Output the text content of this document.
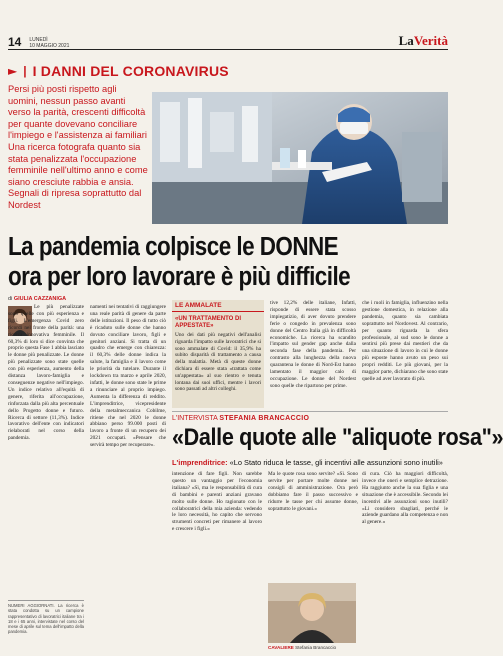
14 LUNEDÌ
10 MAGGIO 2021	LaVerità
► | I DANNI DEL CORONAVIRUS
Persi più posti rispetto agli uomini, nessun passo avanti verso la parità, crescenti difficoltà per quante dovevano conciliare l'impiego e l'assistenza ai familiari Una ricerca fotografa quanto sia stata penalizzata l'occupazione femminile nell'ultimo anno e come siano cresciute rabbia e ansia. Segnali di ripresa soprattutto dal Nordest
La pandemia colpisce le DONNE
ora per loro lavorare è più difficile
di GIULIA CAZZANIGA

Le più penalizzate sono quelle con più esperienza e figli. L'emergenza Covid zero ricordi nel fronte della parità: una ricerca innovativa femminile. Il 60,3% di loro si dice convinta che proprio questa Fase 1 abbia lasciato le donne più penalizzate. Le donne più penalizzate sono state quelle con più esperienza, aumento della distanza lavoro-famiglia e conseguenze negative nell'impiego. Un indice relativo all'equità di genere, riferita all'occupazione, rinforzata dalla più alta percentuale dello Progetto donne e futuro. Ricerca di settore (11,3%). Indice lavorativo dell'ente con indicatori rielaborati nel corso della pandemia.

NUMERI AGGIORNATI. La ricerca è stata condotta su un campione rappresentativo di lavoratrici italiane tra i 18 e i 65 anni, intervistate nel corso del mese di aprile sul tema dell'impatto della pandemia.

namenti nei tentativi di raggiungere una reale parità di genere da parte delle istituzioni. Il peso di tutto ciò è ricaduto sulle donne che hanno dovuto conciliare lavoro, figli e genitori anziani. Si tratta di un quadro che emerge con chiarezza: il 60,3% delle donne indica la salute, la famiglia e il lavoro come le priorità da tutelare. Durante il lockdown tra marzo e aprile 2020, infatti, le donne sono state le prime a rinunciare al proprio impiego. Aumenta la differenza di reddito. L'imprenditrice, vicepresidente della metalmeccanica Cobilme, ritiene che nel 2020 le donne abbiano perso 99.000 posti di lavoro a fronte di un recupero dei 2021 occupati. «Pensare che servirà tempo per recuperare».

LE AMMALATE
«UN TRATTAMENTO DI APPESTATE»
Uno dei dati più negativi dell'analisi riguarda l'impatto sulle lavoratrici che si sono ammalate di Covid: il 35,9% ha subito disparità di trattamento a causa della malattia. Metà di queste donne dichiara di essere stata «trattata come un'appestata» al suo rientro e tenuta lontana dai suoi uffici, mentre i lavori sono passati ad altri colleghi.

tive 12,2% delle italiane, Infatti, risponde di essere stata scosso impiegatizio, di aver dovuto prendere ferie o congedo in prevalenza sono donne del Centro Italia già in difficoltà economiche. La ricerca ha scandito l'impatto sul gender gap anche dalla seconda fase della pandemia. Per contrasto alla lunghezza della nuova quarantena le donne di Nord-Est hanno lamentato il maggior calo di occupazione. Le donne del Nordest sono quelle che ripartono per prime.

che i ruoli in famiglia, influenzino nella gestione domestica, in relazione alla pandemia, quanto sia cambiata soprattutto nel Nordovest. Al contrario, per quanto riguarda la sfera professionale, al sud sono le donne a sentirsi più prese dai mestieri che da una situazione di lavoro in cui le donne più esposte hanno avuto un peso sui propri redditi. Le più giovani, per la maggior parte, dichiarano che sono state quelle ad aver lavorato di più.

L'INTERVISTA STEFANIA BRANCACCIO
«Dalle quote alle "aliquote rosa"»
L'imprenditrice: «Lo Stato riduca le tasse, gli incentivi alle assunzioni sono inutili»

intenzione di fare figli. Non sarebbe questo un vantaggio per l'economia italiana? «Sì, ma le responsabilità di cura di bambini e parenti anziani gravano molto sulle donne. Ho ragionato con le collaboratrici della mia azienda: vedendo le loro necessità, ho capito che servono strumenti concreti per rimanere al lavoro e crescere i figli.»

Ma le quote rosa sono servite? «Sì. Sono servite per portare molte donne nei consigli di amministrazione. Ora però dobbiamo fare il passo successivo e ridurre le tasse per chi assume donne, soprattutto le giovani.»

CAVALIERE Stefania Brancaccio

di cura. Ciò ha maggiori difficoltà, invece che oneri e semplice detrazione. Ha raggiunto anche la sua figlia e una situazione che è accessibile. Secondo lei incentivi alle assunzioni sono inutili? «Li considero sbagliati, perché le aziende guardano alla competenza e non al genere.»
